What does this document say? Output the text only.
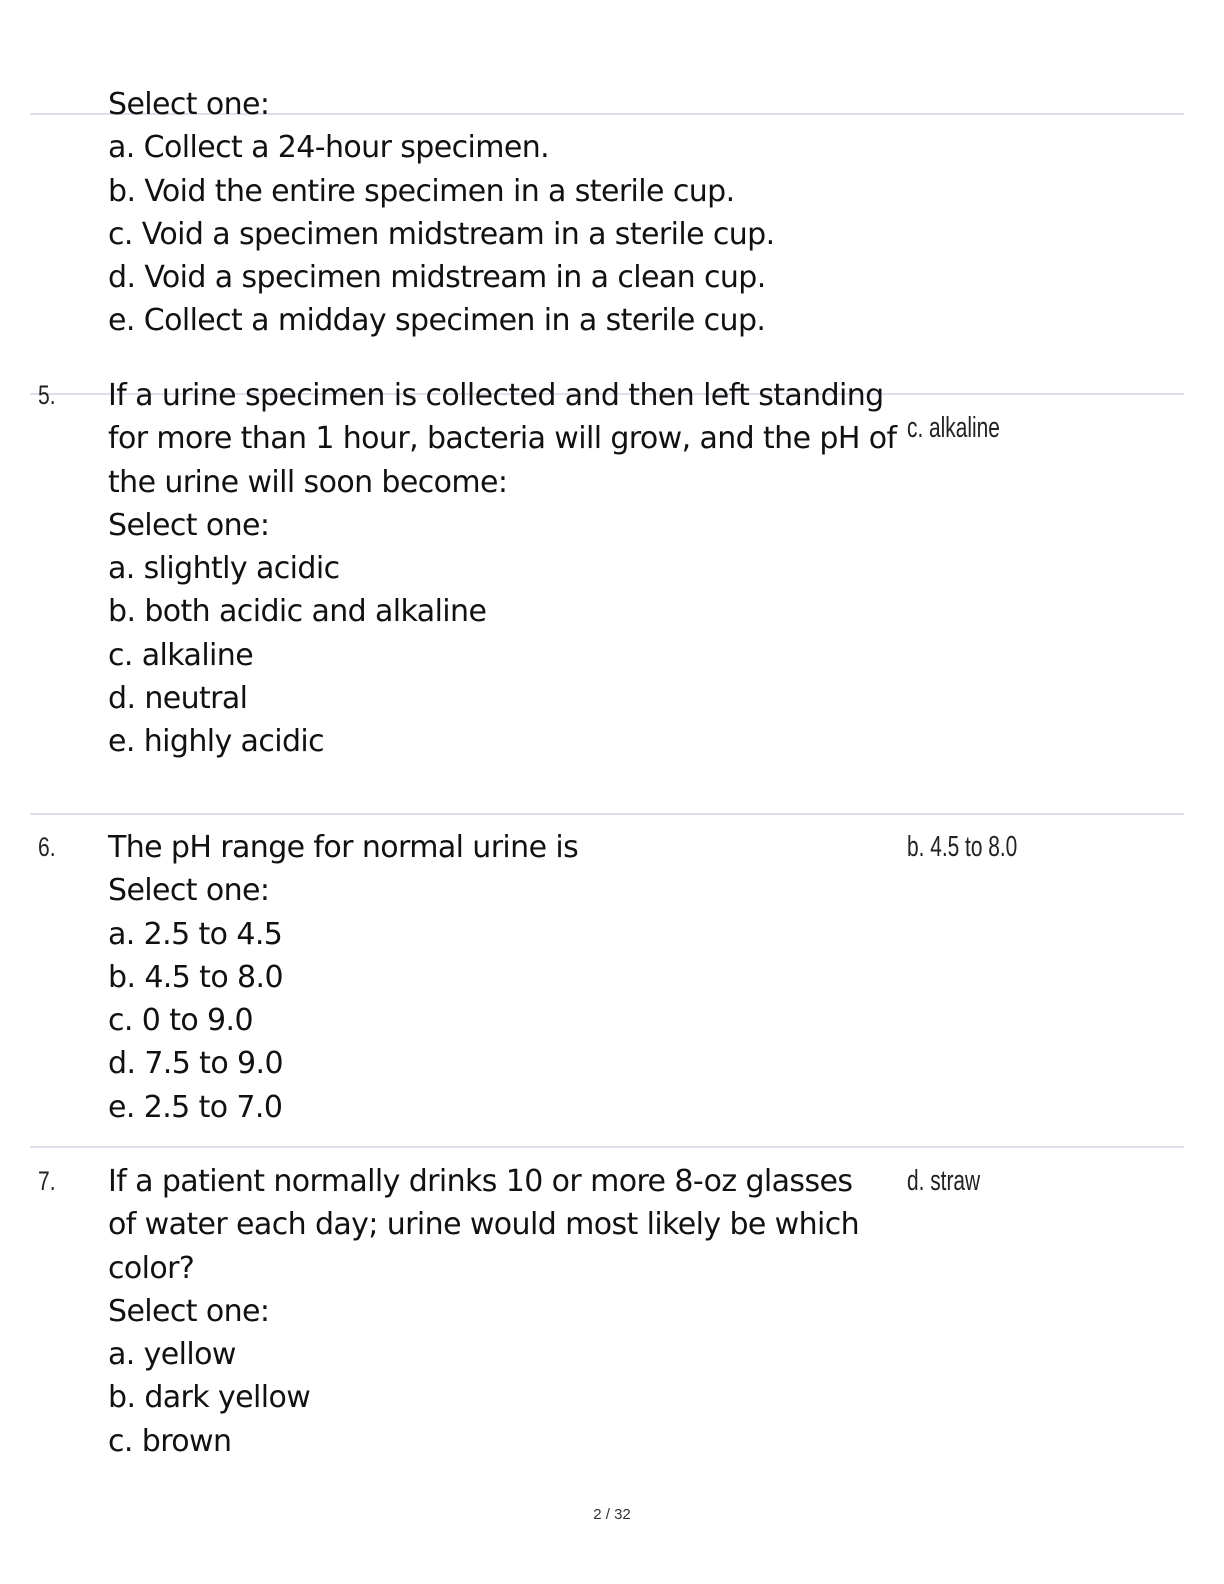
Select one:
a. Collect a 24-hour specimen.
b. Void the entire specimen in a sterile cup.
c. Void a specimen midstream in a sterile cup.
d. Void a specimen midstream in a clean cup.
e. Collect a midday specimen in a sterile cup.
5. If a urine specimen is collected and then left standing
for more than 1 hour, bacteria will grow, and the pH of
the urine will soon become:
Select one:
a. slightly acidic
b. both acidic and alkaline
c. alkaline
d. neutral
e. highly acidic
c. alkaline
6. The pH range for normal urine is
Select one:
a. 2.5 to 4.5
b. 4.5 to 8.0
c. 0 to 9.0
d. 7.5 to 9.0
e. 2.5 to 7.0
b. 4.5 to 8.0
7. If a patient normally drinks 10 or more 8-oz glasses
of water each day; urine would most likely be which
color?
Select one:
a. yellow
b. dark yellow
c. brown
d. straw
2 / 32
